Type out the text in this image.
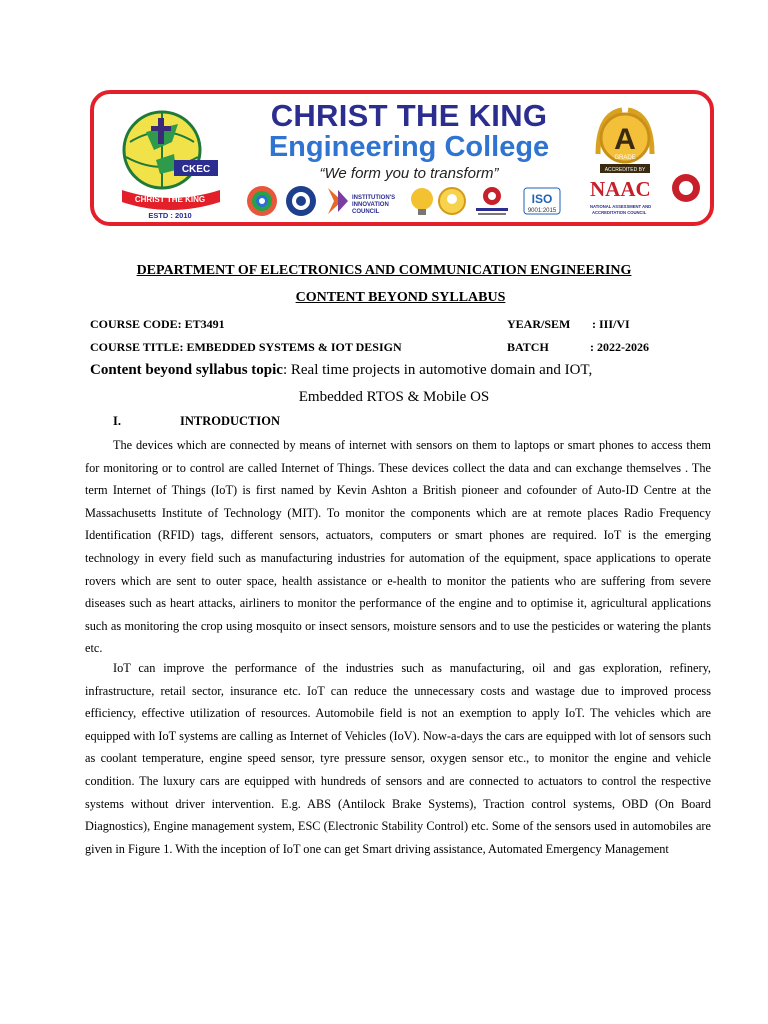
CKEC
CHRIST THE KING
ESTD : 2010
CHRIST THE KING
Engineering College
“We form you to transform”
INSTITUTION'S
INNOVATION
COUNCIL
ISO
9001:2015
A
GRADE
ACCREDITED BY
NAAC
NATIONAL ASSESSMENT AND
ACCREDITATION COUNCIL
DEPARTMENT OF ELECTRONICS AND COMMUNICATION ENGINEERING
CONTENT BEYOND SYLLABUS
COURSE CODE: ET3491	YEAR/SEM : III/VI
COURSE TITLE: EMBEDDED SYSTEMS & IOT DESIGN	BATCH	: 2022-2026
Content beyond syllabus topic: Real time projects in automotive domain and IOT,
Embedded RTOS & Mobile OS
I.	INTRODUCTION
The devices which are connected by means of internet with sensors on them to laptops or smart phones to access them for monitoring or to control are called Internet of Things. These devices collect the data and can exchange themselves . The term Internet of Things (IoT) is first named by Kevin Ashton a British pioneer and cofounder of Auto-ID Centre at the Massachusetts Institute of Technology (MIT). To monitor the components which are at remote places Radio Frequency Identification (RFID) tags, different sensors, actuators, computers or smart phones are required. IoT is the emerging technology in every field such as manufacturing industries for automation of the equipment, space applications to operate rovers which are sent to outer space, health assistance or e-health to monitor the patients who are suffering from severe diseases such as heart attacks, airliners to monitor the performance of the engine and to optimise it, agricultural applications such as monitoring the crop using mosquito or insect sensors, moisture sensors and to use the pesticides or watering the plants etc.
IoT can improve the performance of the industries such as manufacturing, oil and gas exploration, refinery, infrastructure, retail sector, insurance etc. IoT can reduce the unnecessary costs and wastage due to improved process efficiency, effective utilization of resources. Automobile field is not an exemption to apply IoT. The vehicles which are equipped with IoT systems are calling as Internet of Vehicles (IoV). Now-a-days the cars are equipped with lot of sensors such as coolant temperature, engine speed sensor, tyre pressure sensor, oxygen sensor etc., to monitor the engine and vehicle condition. The luxury cars are equipped with hundreds of sensors and are connected to actuators to control the respective systems without driver intervention. E.g. ABS (Antilock Brake Systems), Traction control systems, OBD (On Board Diagnostics), Engine management system, ESC (Electronic Stability Control) etc. Some of the sensors used in automobiles are given in Figure 1. With the inception of IoT one can get Smart driving assistance, Automated Emergency Management
